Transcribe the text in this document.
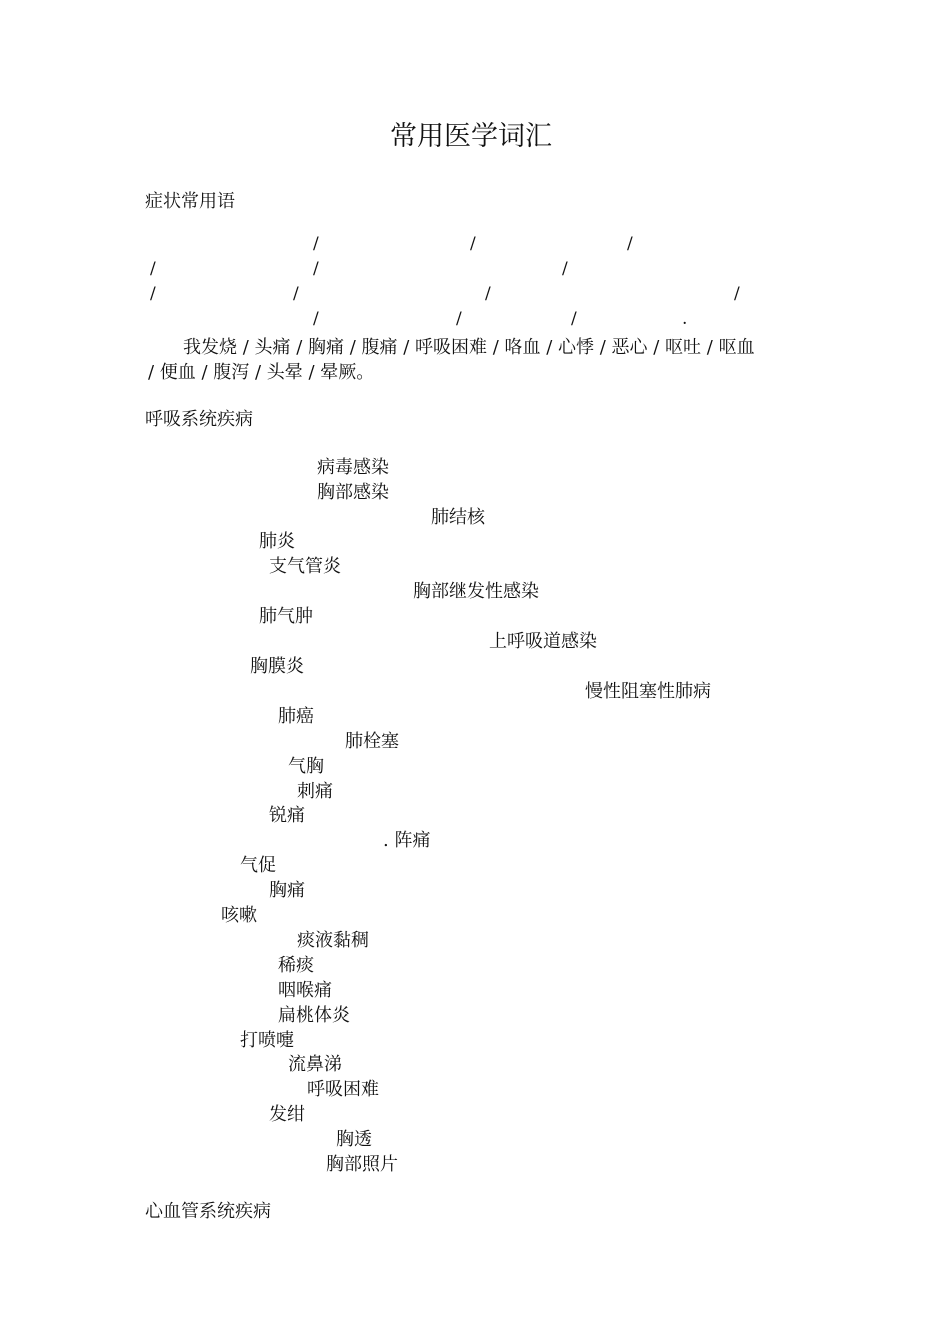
常用医学词汇
症状常用语
/	/	/
/	/	/
/	/	/	/
/	/	/	.
我发烧 / 头痛 / 胸痛 / 腹痛 / 呼吸困难 / 咯血 / 心悸 / 恶心 / 呕吐 / 呕血
/ 便血 / 腹泻 / 头晕 / 晕厥。
呼吸系统疾病
病毒感染
胸部感染
肺结核
肺炎
支气管炎
胸部继发性感染
肺气肿
上呼吸道感染
胸膜炎
慢性阻塞性肺病
肺癌
肺栓塞
气胸
刺痛
锐痛
. 阵痛
气促
胸痛
咳嗽
痰液黏稠
稀痰
咽喉痛
扁桃体炎
打喷嚏
流鼻涕
呼吸困难
发绀
胸透
胸部照片
心血管系统疾病
